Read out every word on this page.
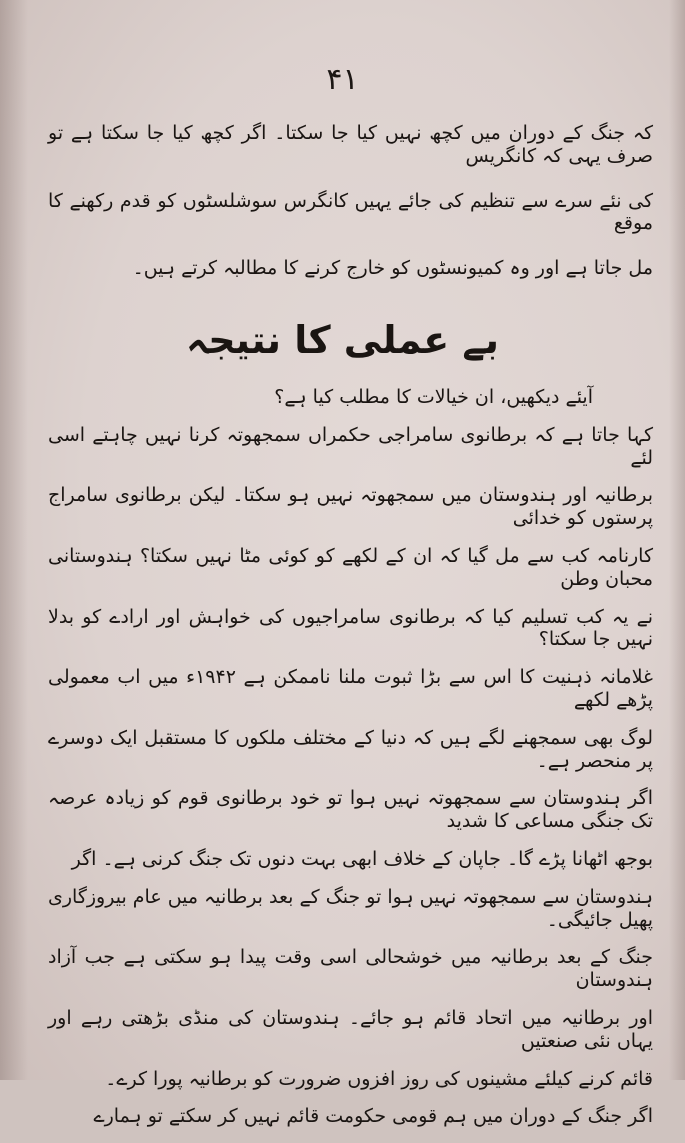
۴۱

کہ جنگ کے دوران میں کچھ نہیں کیا جا سکتا۔ اگر کچھ کیا جا سکتا ہے تو صرف یہی کہ کانگریس

کی نئے سرے سے تنظیم کی جائے یہیں کانگرس سوشلسٹوں کو قدم رکھنے کا موقع

مل جاتا ہے اور وہ کمیونسٹوں کو خارج کرنے کا مطالبہ کرتے ہیں۔

بے عملی کا نتیجہ

آیئے دیکھیں، ان خیالات کا مطلب کیا ہے؟

کہا جاتا ہے کہ برطانوی سامراجی حکمراں سمجھوتہ کرنا نہیں چاہتے اسی لئے

برطانیہ اور ہندوستان میں سمجھوتہ نہیں ہو سکتا۔ لیکن برطانوی سامراج پرستوں کو خدائی

کارنامہ کب سے مل گیا کہ ان کے لکھے کو کوئی مٹا نہیں سکتا؟ ہندوستانی محبان وطن

نے یہ کب تسلیم کیا کہ برطانوی سامراجیوں کی خواہش اور ارادے کو بدلا نہیں جا سکتا؟

غلامانہ ذہنیت کا اس سے بڑا ثبوت ملنا ناممکن ہے ۱۹۴۲ء میں اب معمولی پڑھے لکھے

لوگ بھی سمجھنے لگے ہیں کہ دنیا کے مختلف ملکوں کا مستقبل ایک دوسرے پر منحصر ہے۔

اگر ہندوستان سے سمجھوتہ نہیں ہوا تو خود برطانوی قوم کو زیادہ عرصہ تک جنگی مساعی کا شدید

بوجھ اٹھانا پڑے گا۔ جاپان کے خلاف ابھی بہت دنوں تک جنگ کرنی ہے۔ اگر

ہندوستان سے سمجھوتہ نہیں ہوا تو جنگ کے بعد برطانیہ میں عام بیروزگاری پھیل جائیگی۔

جنگ کے بعد برطانیہ میں خوشحالی اسی وقت پیدا ہو سکتی ہے جب آزاد ہندوستان

اور برطانیہ میں اتحاد قائم ہو جائے۔ ہندوستان کی منڈی بڑھتی رہے اور یہاں نئی صنعتیں

قائم کرنے کیلئے مشینوں کی روز افزوں ضرورت کو برطانیہ پورا کرے۔

اگر جنگ کے دوران میں ہم قومی حکومت قائم نہیں کر سکتے تو ہمارے
